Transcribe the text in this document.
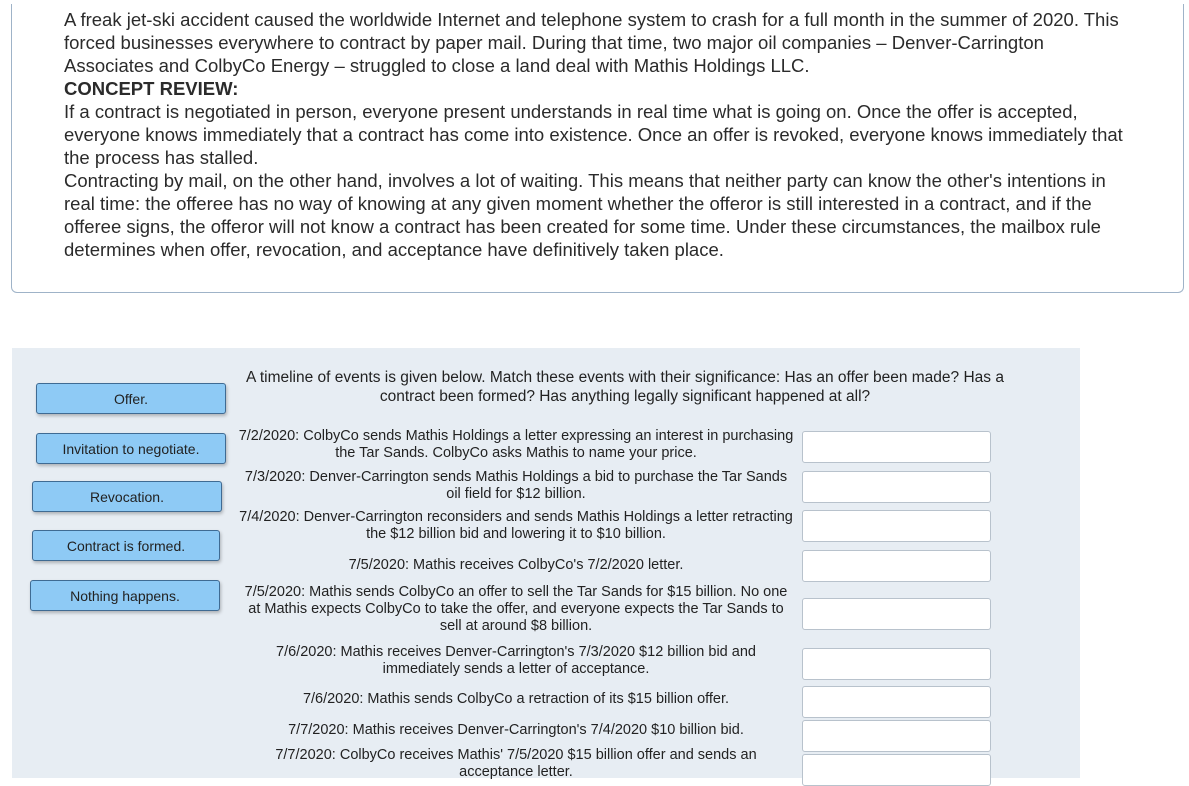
A freak jet-ski accident caused the worldwide Internet and telephone system to crash for a full month in the summer of 2020. This forced businesses everywhere to contract by paper mail. During that time, two major oil companies – Denver-Carrington Associates and ColbyCo Energy – struggled to close a land deal with Mathis Holdings LLC.

CONCEPT REVIEW:

If a contract is negotiated in person, everyone present understands in real time what is going on. Once the offer is accepted, everyone knows immediately that a contract has come into existence. Once an offer is revoked, everyone knows immediately that the process has stalled.

Contracting by mail, on the other hand, involves a lot of waiting. This means that neither party can know the other's intentions in real time: the offeree has no way of knowing at any given moment whether the offeror is still interested in a contract, and if the offeree signs, the offeror will not know a contract has been created for some time. Under these circumstances, the mailbox rule determines when offer, revocation, and acceptance have definitively taken place.

A timeline of events is given below. Match these events with their significance: Has an offer been made? Has a contract been formed? Has anything legally significant happened at all?
Offer.
Invitation to negotiate.
Revocation.
Contract is formed.
Nothing happens.
7/2/2020: ColbyCo sends Mathis Holdings a letter expressing an interest in purchasing the Tar Sands. ColbyCo asks Mathis to name your price.
7/3/2020: Denver-Carrington sends Mathis Holdings a bid to purchase the Tar Sands oil field for $12 billion.
7/4/2020: Denver-Carrington reconsiders and sends Mathis Holdings a letter retracting the $12 billion bid and lowering it to $10 billion.
7/5/2020: Mathis receives ColbyCo's 7/2/2020 letter.
7/5/2020: Mathis sends ColbyCo an offer to sell the Tar Sands for $15 billion. No one at Mathis expects ColbyCo to take the offer, and everyone expects the Tar Sands to sell at around $8 billion.
7/6/2020: Mathis receives Denver-Carrington's 7/3/2020 $12 billion bid and immediately sends a letter of acceptance.
7/6/2020: Mathis sends ColbyCo a retraction of its $15 billion offer.
7/7/2020: Mathis receives Denver-Carrington's 7/4/2020 $10 billion bid.
7/7/2020: ColbyCo receives Mathis' 7/5/2020 $15 billion offer and sends an acceptance letter.
